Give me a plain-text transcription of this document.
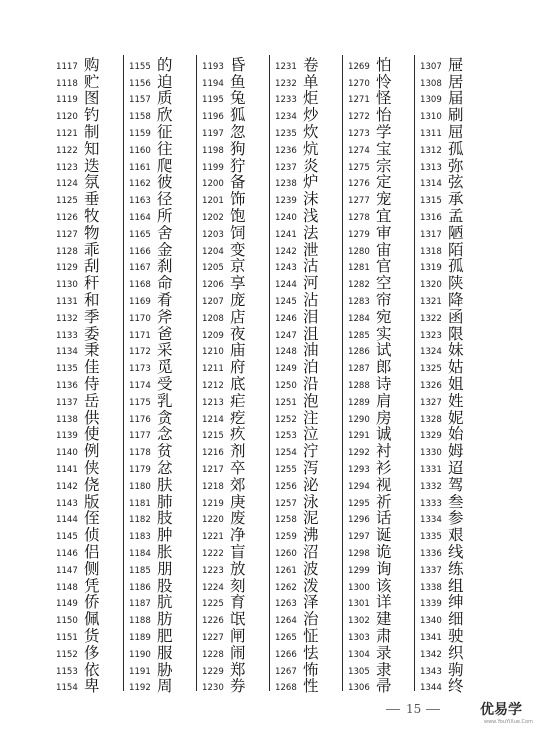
1117 购
1118 贮
1119 图
1120 钓
1121 制
1122 知
1123 迭
1124 氛
1125 垂
1126 牧
1127 物
1128 乖
1129 刮
1130 秆
1131 和
1132 季
1133 委
1134 秉
1135 佳
1136 侍
1137 岳
1138 供
1139 使
1140 例
1141 侠
1142 侥
1143 版
1144 侄
1145 侦
1146 侣
1147 侧
1148 凭
1149 侨
1150 佩
1151 货
1152 侈
1153 依
1154 卑
1155 的
1156 迫
1157 质
1158 欣
1159 征
1160 往
1161 爬
1162 彼
1163 径
1164 所
1165 舍
1166 金
1167 刹
1168 命
1169 肴
1170 斧
1171 爸
1172 采
1173 觅
1174 受
1175 乳
1176 贪
1177 念
1178 贫
1179 忿
1180 肤
1181 肺
1182 肢
1183 肿
1184 胀
1185 朋
1186 股
1187 肮
1188 肪
1189 肥
1190 服
1191 胁
1192 周
1193 昏
1194 鱼
1195 兔
1196 狐
1197 忽
1198 狗
1199 狞
1200 备
1201 饰
1202 饱
1203 饲
1204 变
1205 京
1206 享
1207 庞
1208 店
1209 夜
1210 庙
1211 府
1212 底
1213 疟
1214 疙
1215 疚
1216 剂
1217 卒
1218 郊
1219 庚
1220 废
1221 净
1222 盲
1223 放
1224 刻
1225 育
1226 氓
1227 闸
1228 闹
1229 郑
1230 券
1231 卷
1232 单
1233 炬
1234 炒
1235 炊
1236 炕
1237 炎
1238 炉
1239 沫
1240 浅
1241 法
1242 泄
1243 沽
1244 河
1245 沾
1246 泪
1247 沮
1248 油
1249 泊
1250 沿
1251 泡
1252 注
1253 泣
1254 泞
1255 泻
1256 泌
1257 泳
1258 泥
1259 沸
1260 沼
1261 波
1262 泼
1263 泽
1264 治
1265 怔
1266 怯
1267 怖
1268 性
1269 怕
1270 怜
1271 怪
1272 怡
1273 学
1274 宝
1275 宗
1276 定
1277 宠
1278 宜
1279 审
1280 宙
1281 官
1282 空
1283 帘
1284 宛
1285 实
1286 试
1287 郎
1288 诗
1289 肩
1290 房
1291 诚
1292 衬
1293 衫
1294 视
1295 祈
1296 话
1297 诞
1298 诡
1299 询
1300 该
1301 详
1302 建
1303 肃
1304 录
1305 隶
1306 帚
1307 屉
1308 居
1309 届
1310 刷
1311 屈
1312 孤
1313 弥
1314 弦
1315 承
1316 孟
1317 陋
1318 陌
1319 孤
1320 陕
1321 降
1322 函
1323 限
1324 妹
1325 姑
1326 姐
1327 姓
1328 妮
1329 始
1330 姆
1331 迢
1332 驾
1333 叁
1334 参
1335 艰
1336 线
1337 练
1338 组
1339 绅
1340 细
1341 驶
1342 织
1343 驹
1344 终
15	优易学
www.YouYiXue.Com
